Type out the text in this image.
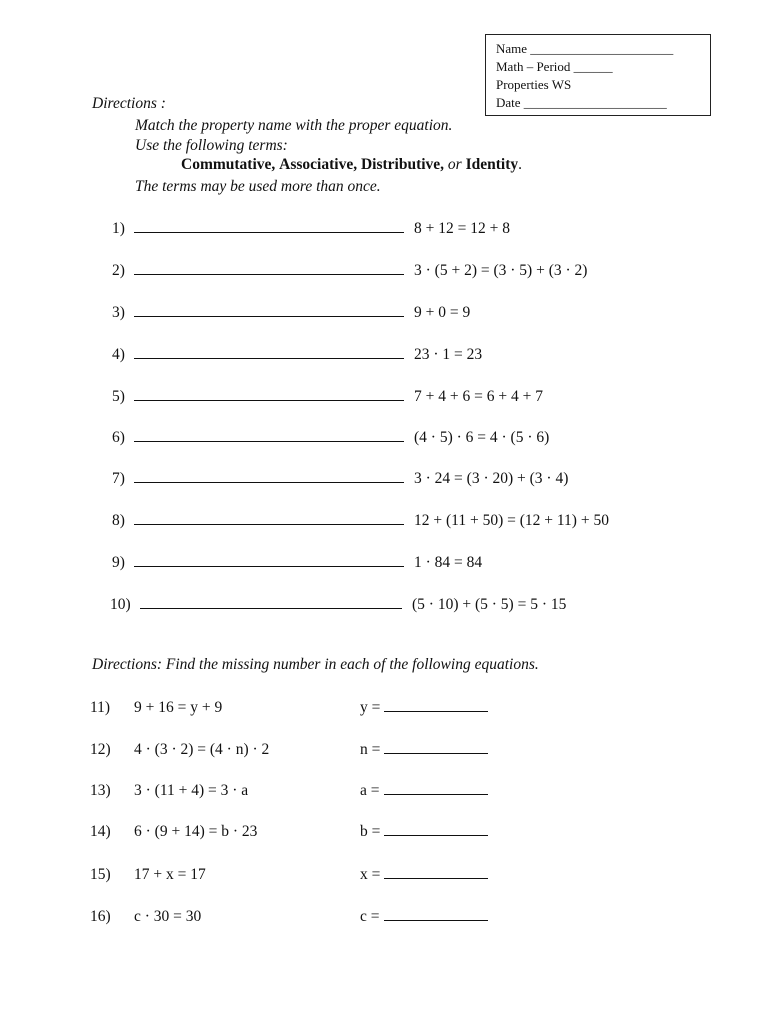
Name ______________________
Math – Period ______
Properties WS
Date ______________________
Directions :
Match the property name with the proper equation.
Use the following terms:
Commutative, Associative, Distributive, or Identity.
The terms may be used more than once.
1)	8 + 12 = 12 + 8
2)	3 · (5 + 2) = (3 · 5) + (3 · 2)
3)	9 + 0 = 9
4)	23 · 1 = 23
5)	7 + 4 + 6 = 6 + 4 + 7
6)	(4 · 5) · 6 = 4 · (5 · 6)
7)	3 · 24 = (3 · 20) + (3 · 4)
8)	12 + (11 + 50) = (12 + 11) + 50
9)	1 · 84 = 84
10)	(5 · 10) + (5 · 5) = 5 · 15
Directions: Find the missing number in each of the following equations.
11) 9 + 16 = y + 9	y =
12) 4 · (3 · 2) = (4 · n) · 2	n =
13) 3 · (11 + 4) = 3 · a	a =
14) 6 · (9 + 14) = b · 23	b =
15) 17 + x = 17	x =
16) c · 30 = 30	c =
